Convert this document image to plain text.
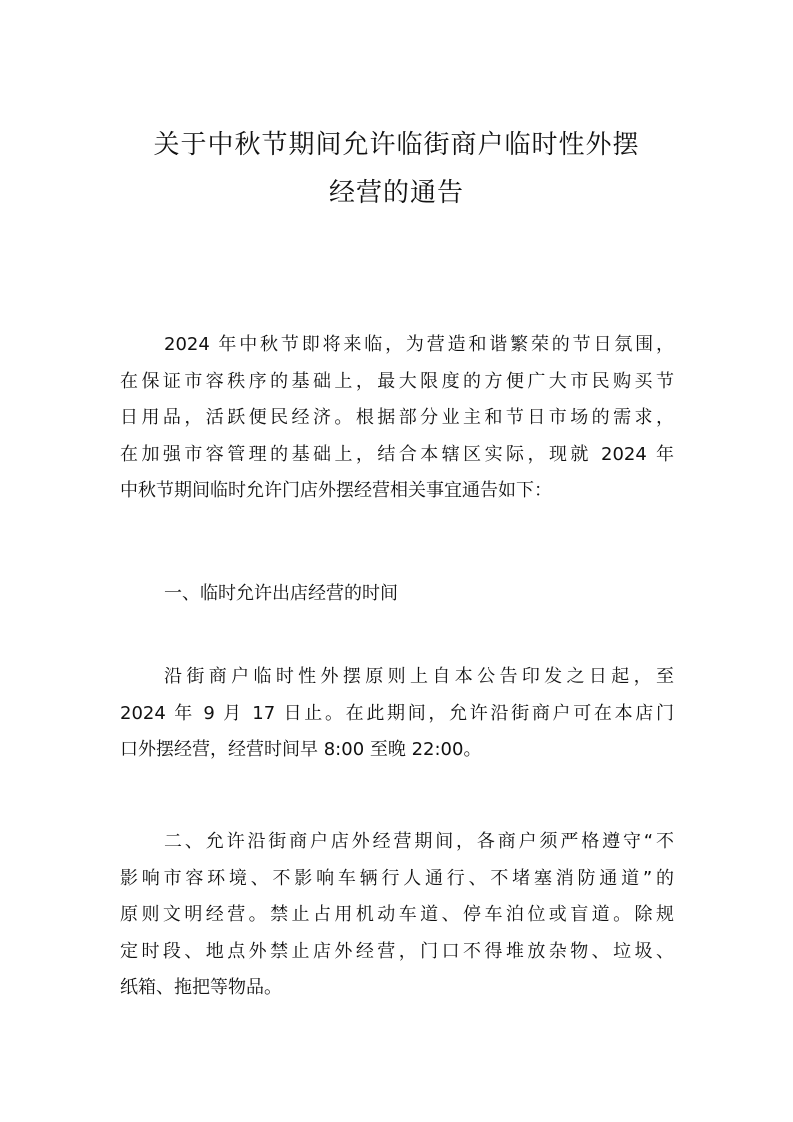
关于中秋节期间允许临街商户临时性外摆
经营的通告
2024 年中秋节即将来临，为营造和谐繁荣的节日氛围，
在保证市容秩序的基础上，最大限度的方便广大市民购买节
日用品，活跃便民经济。根据部分业主和节日市场的需求，
在加强市容管理的基础上，结合本辖区实际，现就 2024 年
中秋节期间临时允许门店外摆经营相关事宜通告如下：
一、临时允许出店经营的时间
沿街商户临时性外摆原则上自本公告印发之日起，至
2024 年 9 月 17 日止。在此期间，允许沿街商户可在本店门
口外摆经营，经营时间早 8:00 至晚 22:00。
二、允许沿街商户店外经营期间，各商户须严格遵守“不
影响市容环境、不影响车辆行人通行、不堵塞消防通道”的
原则文明经营。禁止占用机动车道、停车泊位或盲道。除规
定时段、地点外禁止店外经营，门口不得堆放杂物、垃圾、
纸箱、拖把等物品。
